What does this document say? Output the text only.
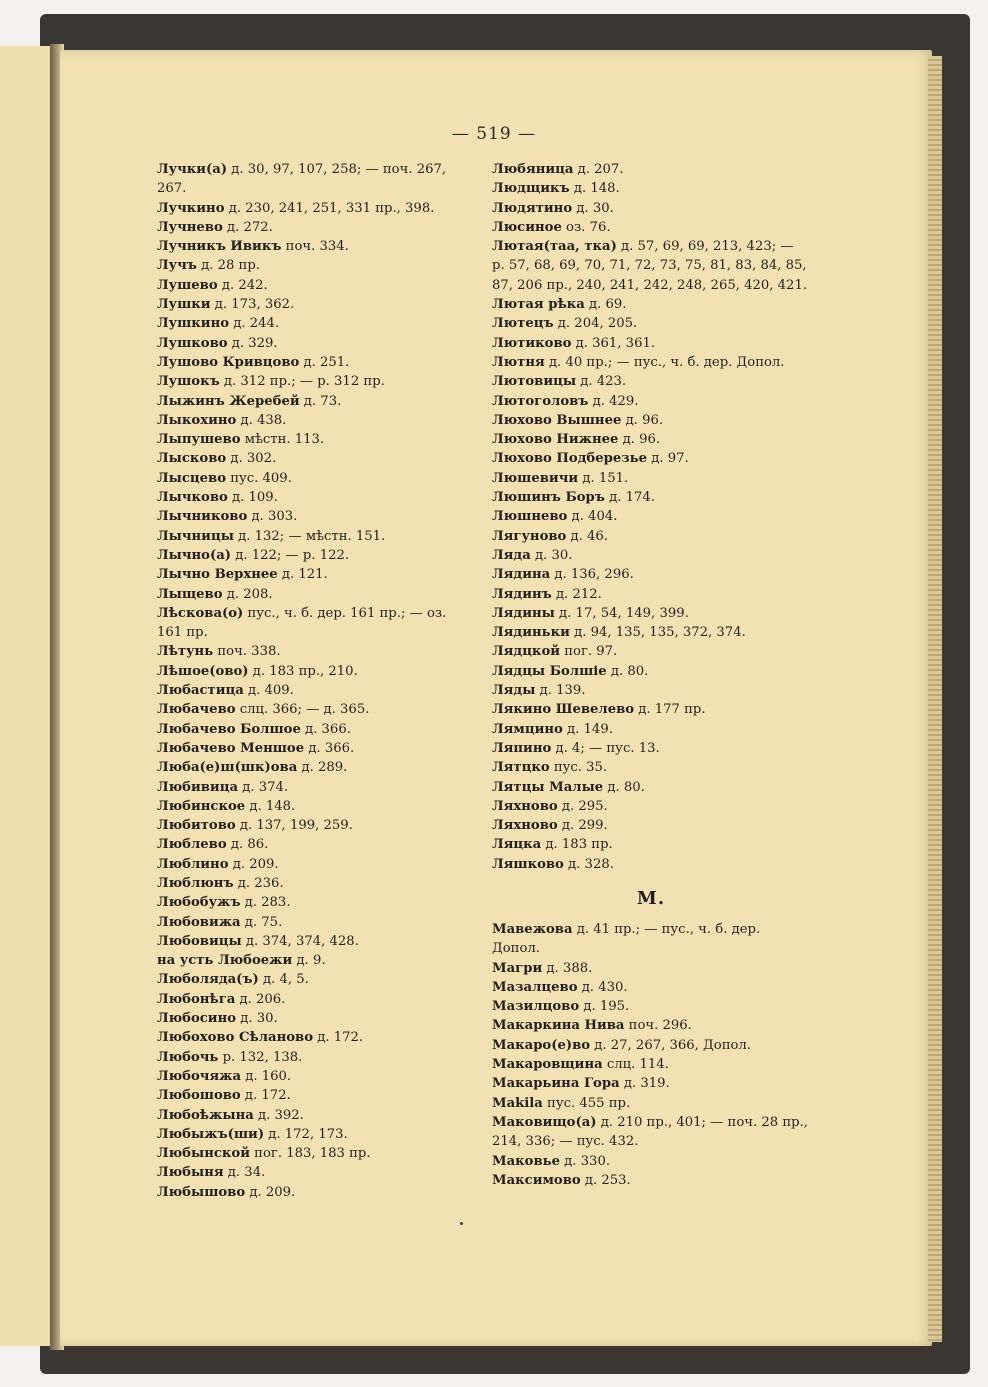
— 519 —
Лучки(а) д. 30, 97, 107, 258; — поч. 267, 267.
Лучкино д. 230, 241, 251, 331 пр., 398.
Лучнево д. 272.
Лучникъ Ивикъ поч. 334.
Лучъ д. 28 пр.
Лушево д. 242.
Лушки д. 173, 362.
Лушкино д. 244.
Лушково д. 329.
Лушово Кривцово д. 251.
Лушокъ д. 312 пр.; — р. 312 пр.
Лыжинъ Жеребей д. 73.
Лыкохино д. 438.
Лыпушево мѣстн. 113.
Лысково д. 302.
Лысцево пус. 409.
Лычково д. 109.
Лычниково д. 303.
Лычницы д. 132; — мѣстн. 151.
Лычно(а) д. 122; — р. 122.
Лычно Верхнее д. 121.
Лыщево д. 208.
Лѣскова(о) пус., ч. б. дер. 161 пр.; — оз. 161 пр.
Лѣтунь поч. 338.
Лѣшое(ово) д. 183 пр., 210.
Любастица д. 409.
Любачево слц. 366; — д. 365.
Любачево Болшое д. 366.
Любачево Меншое д. 366.
Люба(е)ш(шк)ова д. 289.
Любивица д. 374.
Любинское д. 148.
Любитово д. 137, 199, 259.
Люблево д. 86.
Люблино д. 209.
Люблюнъ д. 236.
Любобужъ д. 283.
Любовижа д. 75.
Любовицы д. 374, 374, 428.
на усть Любоежи д. 9.
Люболяда(ъ) д. 4, 5.
Любонѣга д. 206.
Любосино д. 30.
Любохово Сѣланово д. 172.
Любочь р. 132, 138.
Любочяжа д. 160.
Любошово д. 172.
Любоѣжына д. 392.
Любыжъ(ши) д. 172, 173.
Любынской пог. 183, 183 пр.
Любыня д. 34.
Любышово д. 209.
Любяница д. 207.
Людщикъ д. 148.
Людятино д. 30.
Люсиное оз. 76.
Лютая(таа, тка) д. 57, 69, 69, 213, 423; — р. 57, 68, 69, 70, 71, 72, 73, 75, 81, 83, 84, 85, 87, 206 пр., 240, 241, 242, 248, 265, 420, 421.
Лютая рѣка д. 69.
Лютецъ д. 204, 205.
Лютиково д. 361, 361.
Лютня д. 40 пр.; — пус., ч. б. дер. Допол.
Лютовицы д. 423.
Лютоголовъ д. 429.
Люхово Вышнее д. 96.
Люхово Нижнее д. 96.
Люхово Подберезье д. 97.
Люшевичи д. 151.
Люшинъ Боръ д. 174.
Люшнево д. 404.
Лягуново д. 46.
Ляда д. 30.
Лядина д. 136, 296.
Лядинъ д. 212.
Лядины д. 17, 54, 149, 399.
Лядиньки д. 94, 135, 135, 372, 374.
Лядцкой пог. 97.
Лядцы Болшіе д. 80.
Ляды д. 139.
Лякино Шевелево д. 177 пр.
Лямцино д. 149.
Ляпино д. 4; — пус. 13.
Лятцко пус. 35.
Лятцы Малые д. 80.
Ляхново д. 295.
Ляхново д. 299.
Ляцка д. 183 пр.
Ляшково д. 328.
М.
Мавежова д. 41 пр.; — пус., ч. б. дер. Допол.
Магри д. 388.
Мазалцево д. 430.
Мазилцово д. 195.
Макаркина Нива поч. 296.
Макаро(е)во д. 27, 267, 366, Допол.
Макаровщина слц. 114.
Макарьина Гора д. 319.
Makila пус. 455 пр.
Маковищо(а) д. 210 пр., 401; — поч. 28 пр., 214, 336; — пус. 432.
Маковье д. 330.
Максимово д. 253.
